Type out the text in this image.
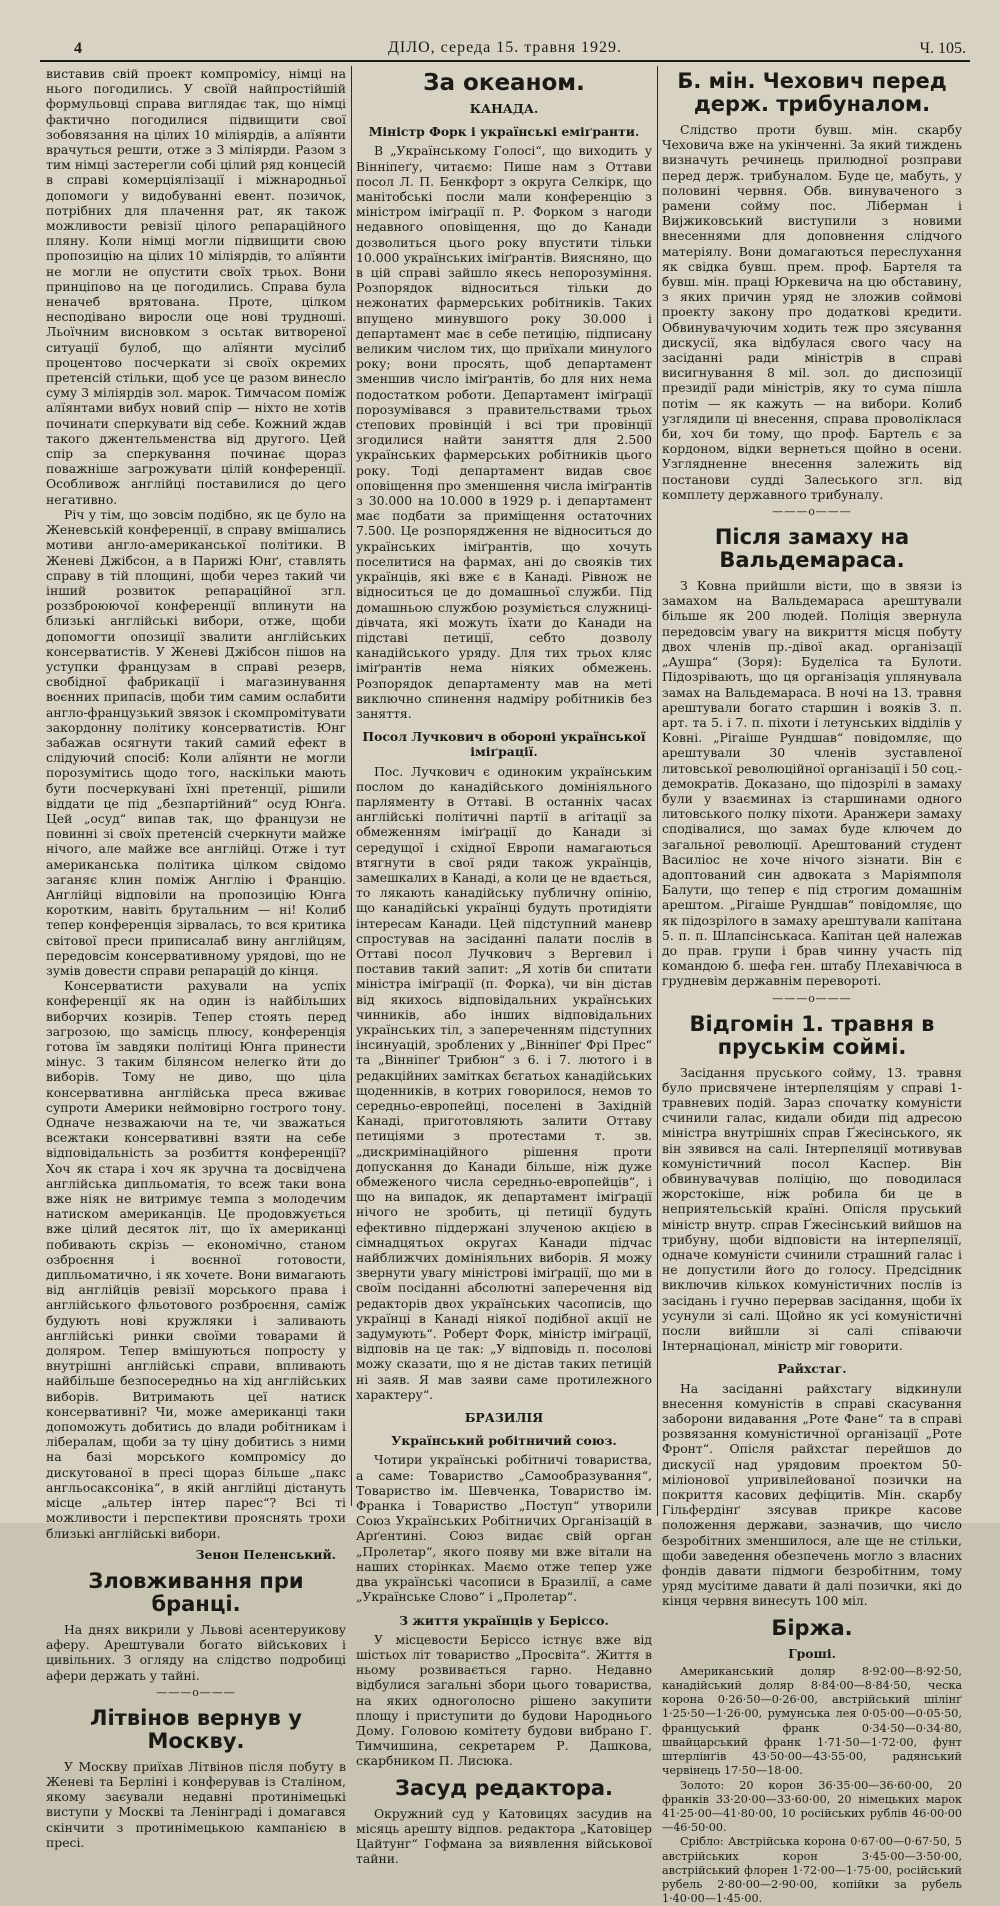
4	ДІЛО, середа 15. травня 1929.	Ч. 105.

виставив свій проект компромісу, німці на нього погодились. У своїй найпростійшій формульовці справа виглядає так, що німці фактично погодилися підвищити свої зобовязання на цілих 10 міліярдів, а алїянти врачуться решти, отже з 3 міліярди. Разом з тим німці застерегли собі цілий ряд концесій в справі комерціялізації і міжнародньої допомоги у видобуванні евент. позичок, потрібних для плачення рат, як також можливости ревізії цілого репараційного пляну. Коли німці могли підвищити свою пропозицію на цілих 10 міліярдів, то алїянти не могли не опустити своїх трьох. Вони принціпово на це погодились. Справа була неначеб врятована. Проте, цілком несподівано виросли оце нові трудноші. Льоїчним висновком з осьтак витвореної ситуації булоб, що алїянти мусілиб процентово посчеркати зі своїх окремих претенсій стільки, щоб усе це разом винесло суму 3 міліярдів зол. марок. Тимчасом поміж алїянтами вибух новий спір — ніхто не хотів починати сперкувати від себе. Кожний ждав такого джентельменства від другого. Цей спір за сперкування починає щораз поважніше загрожувати цілій конференції. Особливож англійці поставилися до цего негативно.

Річ у тім, що зовсім подібно, як це було на Женевській конференції, в справу вмішались мотиви англо-американської політики. В Женеві Джібсон, а в Парижі Юнґ, ставлять справу в тій площині, щоби через такий чи інший розвиток репараційної згл. роззброюючої конференції вплинути на близькі англійські вибори, отже, щоби допомогти опозиції звалити англійських консерватистів. У Женеві Джібсон пішов на уступки французам в справі резерв, свобідної фабрикації і магазинування воєнних припасів, щоби тим самим ослабити англо-французький звязок і скомпромітувати закордонну політику консерватистів. Юнг забажав осягнути такий самий ефект в слідуючий спосіб: Коли алїянти не могли порозумітись щодо того, наскільки мають бути посчеркувані їхні претенції, рішили віддати це під „безпартійний“ осуд Юнґа. Цей „осуд“ випав так, що французи не повинні зі своїх претенсій счеркнути майже нічого, але майже все англійці. Отже і тут американська політика цілком свідомо заганяє клин поміж Англію і Францію. Англійці відповіли на пропозицію Юнга коротким, навіть брутальним — ні! Колиб тепер конференція зірвалась, то вся критика світової преси приписалаб вину англійцям, передовсім консервативному урядові, що не зумів довести справи репарацій до кінця.

Консерватисти рахували на успіх конференції як на один із найбільших виборчих козирів. Тепер стоять перед загрозою, що замісць плюсу, конференція готова їм завдяки політиці Юнга принести мінус. З таким білянсом нелегко йти до виборів. Тому не диво, що ціла консервативна англійська преса вживає супроти Америки неймовірно гострого тону. Одначе незважаючи на те, чи зважаться всежтаки консервативні взяти на себе відповідальність за розбиття конференції? Хоч як стара і хоч як зручна та досвідчена англійська дипльоматія, то всеж таки вона вже ніяк не витримує темпа з молодечим натиском американців. Це продовжується вже цілий десяток літ, що їх американці побивають скрізь — економічно, станом озброєння і воєнної готовости, дипльоматично, і як хочете. Вони вимагають від англійців ревізії морського права і англійського фльотового розброєння, саміж будують нові кружляки і заливають англійські ринки своїми товарами й доляром. Тепер вмішуються попросту у внутрішні англійські справи, впливають найбільше безпосередньо на хід англійських виборів. Витримають цеї натиск консервативні? Чи, може американці таки допоможуть добитись до влади робітникам і лібералам, щоби за ту ціну добитись з ними на базі морського компромісу до дискутованої в пресі щораз більше „пакс англьосаксоніка“, в якій англійці дістануть місце „альтер інтер парес“? Всі ті можливости і перспективи прояснять трохи близькі англійські вибори.

Зенон Пеленський.

Зловживання при бранці.

На днях викрили у Львові асентеруикову аферу. Арештували богато військових і цивільних. З огляду на слідство подробиці афери держать у тайні.

———o———
Літвінов вернув у Москву.

У Москву приїхав Літвінов після побуту в Женеві та Берліні і конферував із Сталіном, якому заєували недавні протинімецькі виступи у Москві та Ленінграді і домагався скінчити з протинімецькою кампанією в пресі.

За океаном.

КАНАДА.

Міністр Форк і українські еміґранти.

В „Українському Голосі“, що виходить у Вінніпеґу, читаємо: Пише нам з Оттави посол Л. П. Бенкфорт з округа Селкірк, що манітобські посли мали конференцію з міністром іміґрації п. Р. Форком з нагоди недавного оповіщення, що до Канади дозволиться цього року впустити тільки 10.000 українських іміґрантів. Виясняно, що в цій справі зайшло якесь непорозуміння. Розпорядок відноситься тільки до нежонатих фармерських робітників. Таких впущено минувшого року 30.000 і департамент має в себе петицію, підписану великим числом тих, що приїхали минулого року; вони просять, щоб департамент зменшив число іміґрантів, бо для них нема подостатком роботи. Департамент іміґрації порозумівався з правительствами трьох степових провінцій і всі три провінції згодилися найти заняття для 2.500 українських фармерських робітників цього року. Тоді департамент видав своє оповіщення про зменшення числа іміґрантів з 30.000 на 10.000 в 1929 р. і департамент має подбати за приміщення остаточних 7.500. Це розпорядження не відноситься до українських іміґрантів, що хочуть поселитися на фармах, ані до свояків тих українців, які вже є в Канаді. Рівнож не відноситься це до домашньої служби. Під домашньою службою розуміється служниці-дівчата, які можуть їхати до Канади на підставі петиції, себто дозволу канадійського уряду. Для тих трьох кляс іміґрантів нема ніяких обмежень. Розпорядок департаменту мав на меті виключно спинення надміру робітників без заняття.

Посол Лучкович в обороні української іміґрації.

Пос. Лучкович є одиноким українським послом до канадійського домініяльного парляменту в Оттаві. В останніх часах англійські політичні партії в агітації за обмеженням іміґрації до Канади зі середущої і східної Европи намагаються втягнути в свої ряди також українців, замешкалих в Канаді, а коли це не вдається, то лякають канадійську публичну опінію, що канадійські українці будуть протидіяти інтересам Канади. Цей підступний маневр спростував на засіданні палати послів в Оттаві посол Лучкович з Вергевил і поставив такий запит: „Я хотів би спитати міністра іміґрації (п. Форка), чи він дістав від якихось відповідальних українських чинників, або інших відповідальних українських тіл, з запереченням підступних інсинуацій, зроблених у „Вінніпеґ Фрі Прес“ та „Вінніпеґ Трибюн“ з 6. і 7. лютого і в редакційних замітках бєгатьох канадійських щоденників, в котрих говорилося, немов то середньо-европейці, поселені в Західній Канаді, приготовляють залити Оттаву петиціями з протестами т. зв. „дискримінаційного рішення проти допускання до Канади більше, ніж дуже обмеженого числа середньо-европейців“, і що на випадок, як департамент іміґрації нічого не зробить, ці петиції будуть ефективно піддержані злученою акцією в сімнадцятьох округах Канади підчас найближчих домініяльних виборів. Я можу звернути увагу міністрові іміґрації, що ми в своїм посіданні абсолютні заперечення від редакторів двох українських часописів, що українці в Канаді ніякої подібної акції не задумують“. Роберт Форк, міністр іміґрації, відповів на це так: „У відповідь п. посолові можу сказати, що я не дістав таких петицій ні заяв. Я мав заяви саме протилежного характеру“.

БРАЗИЛІЯ

Український робітничий союз.

Чотири українські робітничі товариства, а саме: Товариство „Самообразування“, Товариство ім. Шевченка, Товариство ім. Франка і Товариство „Поступ“ утворили Союз Українських Робітничих Організацій в Арґентині. Союз видає свій орган „Пролетар“, якого появу ми вже вітали на наших сторінках. Маємо отже тепер уже два українські часописи в Бразилії, а саме „Українське Слово“ і „Пролетар“.

З життя українців у Берісcо.

У місцевости Берісcо істнує вже від шістьох літ товариство „Просвіта“. Життя в ньому розвивається гарно. Недавно відбулися загальні збори цього товариства, на яких одноголосно рішено закупити площу і приступити до будови Народнього Дому. Головою комітету будови вибрано Г. Тимчишина, секретарем Р. Дашкова, скарбником П. Лисюка.

Засуд редактора.

Окружний суд у Катовицях засудив на місяць арешту відпов. редактора „Катовіцер Цайтунг“ Гофмана за виявлення військової тайни.

Б. мін. Чехович перед держ. трибуналом.

Слідство проти бувш. мін. скарбу Чеховича вже на укінченні. За який тиждень визначуть речинець прилюдної розправи перед держ. трибуналом. Буде це, мабуть, у половині червня. Обв. винуваченого з рамени соймy пос. Ліберман і Виjжиковський виступили з новими внесеннями для доповнення слідчого матеріялу. Вони домагаються переслухання як свідка бувш. прем. проф. Бартеля та бувш. мін. праці Юркевича на цю обставину, з яких причин уряд не зложив соймові проекту закону про додаткові кредити. Обвинувачуючим ходить теж про зясування дискусії, яка відбулася свого часу на засіданні ради міністрів в справі висигнування 8 мil. зол. до диспозиції президії ради міністрів, яку то сума пішла потім — як кажуть — на вибори. Колиб узглядили ці внесення, справа проволіклася би, хоч би тому, що проф. Бартель є за кордоном, відки вернеться щойно в осени. Узглядненне внесення залежить від постанови судді Залеського згл. від комплету державного трибуналу.

———o———
Після замаху на Вальдемараса.

З Ковна прийшли вісти, що в звязи із замахом на Вальдемараса арештували більше як 200 людей. Поліція звернула передовсім увагу на викриття місця побуту двох членів пр.-дівої акад. організації „Аушра“ (Зоря): Буделіса та Булоти. Підозрівають, що ця організація уплянувала замах на Вальдемараса. В ночі на 13. травня арештували богато старшин і вояків 3. п. арт. та 5. і 7. п. піхоти і летунських відділів у Ковні. „Рігаіше Рундшав“ повідомляє, що арештували 30 членів зуставленої литовської революційної організації і 50 соц.-демократів. Доказано, що підозрілі в замаху були у взаєминах із старшинами одного литовського полку піхоти. Аранжери замаху сподівалися, що замах буде ключем до загальної революції. Арештований студент Василіос не хоче нічого зізнати. Він є адоптований син адвоката з Маріямполя Балути, що тепер є під строгим домашнім арештом. „Рігаіше Рундшав“ повідомляє, що як підозрілого в замаху арештували капітана 5. п. п. Шлапсінськаса. Капітан цей належав до прав. групи і брав чинну участь під командою б. шефа ген. штабу Плехавічюса в грудневім державнім перевороті.

———o———
Відгомін 1. травня в пруськім соймі.

Засідання пруського сойму, 13. травня було присвячене інтерпеляціям у справі 1-травневих подій. Зараз спочатку комуністи счинили галас, кидали обиди під адресою міністра внутрішніх справ Ґжесінського, як він зявився на салі. Інтерпеляції мотивував комуністичний посол Каспер. Він обвинувачував поліцію, що поводилася жорстокіше, ніж робила би це в неприятельській країні. Опісля пруський міністр внутр. справ Ґжесінський вийшов на трибуну, щоби відповісти на інтерпеляції, одначе комуністи счинили страшний галас і не допустили його до голосу. Предсідник виключив кількох комуністичних послів із засідань і гучно перервав засідання, щоби їх усунули зі салі. Щойно як усі комуністичні посли вийшли зі салі співаючи Інтернаціонал, міністр міг говорити.

Райхстаг.

На засіданні райхстагу відкинули внесення комуністів в справі скасування заборони видавання „Роте Фане“ та в справі розвязання комуністичної організації „Роте Фронт“. Опісля райхстаг перейшов до дискусії над урядовим проектом 50-міліонової упривілейованої позички на покриття касових дефіцитів. Мін. скарбу Гільфердінґ зясував прикре касове положення держави, зазначив, що число безробітних зменшилося, але ще не стільки, щоби заведення обезпечень могло з власних фондів давати підмоги безробітним, тому уряд мусітиме давати й далі позички, які до кінця червня винесуть 100 міл.

Біржа.

Гроші.

Американський доляр 8·92·00—8·92·50, канадійський доляр 8·84·00—8·84·50, ческа корона 0·26·50—0·26·00, австрійський шілінґ 1·25·50—1·26·00, румунська лея 0·05·00—0·05·50, француський франк 0·34·50—0·34·80, швайцарський франк 1·71·50—1·72·00, фунт штерлінґів 43·50·00—43·55·00, радянський червінець 17·50—18·00.

Золото: 20 корон 36·35·00—36·60·00, 20 франків 33·20·00—33·60·00, 20 німецьких марок 41·25·00—41·80·00, 10 російських рублів 46·00·00—46·50·00.

Срібло: Австрійська корона 0·67·00—0·67·50, 5 австрійських корон 3·45·00—3·50·00, австрійський флорен 1·72·00—1·75·00, російський рубель 2·80·00—2·90·00, копійки за рубель 1·40·00—1·45·00.
